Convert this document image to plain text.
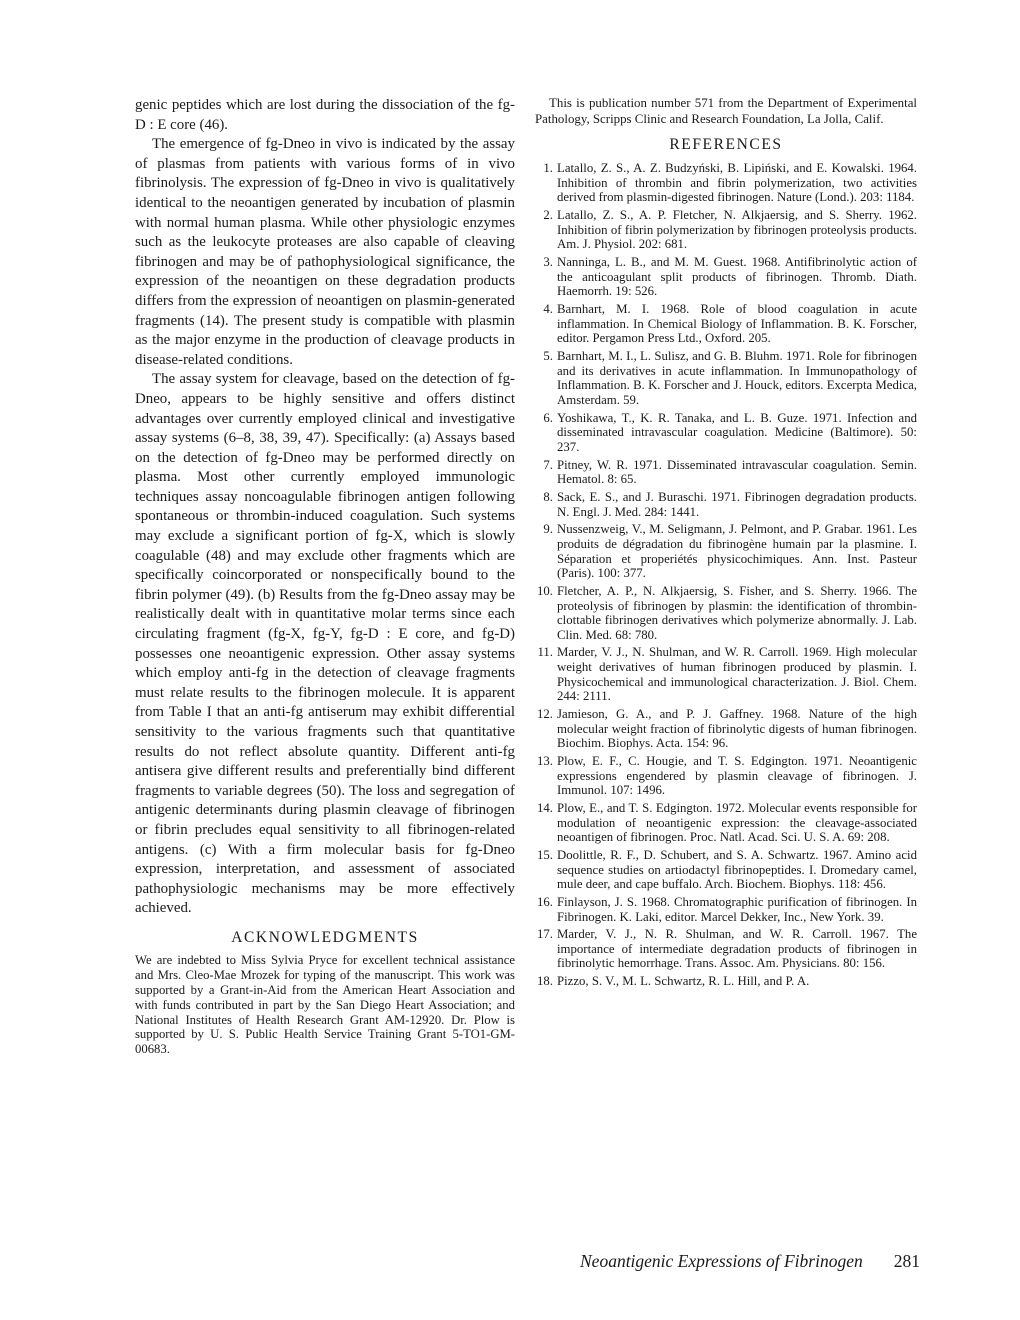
genic peptides which are lost during the dissociation of the fg-D : E core (46).

The emergence of fg-Dneo in vivo is indicated by the assay of plasmas from patients with various forms of in vivo fibrinolysis. The expression of fg-Dneo in vivo is qualitatively identical to the neoantigen generated by incubation of plasmin with normal human plasma. While other physiologic enzymes such as the leukocyte proteases are also capable of cleaving fibrinogen and may be of pathophysiological significance, the expression of the neoantigen on these degradation products differs from the expression of neoantigen on plasmin-generated fragments (14). The present study is compatible with plasmin as the major enzyme in the production of cleavage products in disease-related conditions.

The assay system for cleavage, based on the detection of fg-Dneo, appears to be highly sensitive and offers distinct advantages over currently employed clinical and investigative assay systems (6–8, 38, 39, 47). Specifically: (a) Assays based on the detection of fg-Dneo may be performed directly on plasma. Most other currently employed immunologic techniques assay noncoagulable fibrinogen antigen following spontaneous or thrombin-induced coagulation. Such systems may exclude a significant portion of fg-X, which is slowly coagulable (48) and may exclude other fragments which are specifically coincorporated or nonspecifically bound to the fibrin polymer (49). (b) Results from the fg-Dneo assay may be realistically dealt with in quantitative molar terms since each circulating fragment (fg-X, fg-Y, fg-D : E core, and fg-D) possesses one neoantigenic expression. Other assay systems which employ anti-fg in the detection of cleavage fragments must relate results to the fibrinogen molecule. It is apparent from Table I that an anti-fg antiserum may exhibit differential sensitivity to the various fragments such that quantitative results do not reflect absolute quantity. Different anti-fg antisera give different results and preferentially bind different fragments to variable degrees (50). The loss and segregation of antigenic determinants during plasmin cleavage of fibrinogen or fibrin precludes equal sensitivity to all fibrinogen-related antigens. (c) With a firm molecular basis for fg-Dneo expression, interpretation, and assessment of associated pathophysiologic mechanisms may be more effectively achieved.

ACKNOWLEDGMENTS

We are indebted to Miss Sylvia Pryce for excellent technical assistance and Mrs. Cleo-Mae Mrozek for typing of the manuscript. This work was supported by a Grant-in-Aid from the American Heart Association and with funds contributed in part by the San Diego Heart Association; and National Institutes of Health Research Grant AM-12920. Dr. Plow is supported by U. S. Public Health Service Training Grant 5-TO1-GM-00683.

This is publication number 571 from the Department of Experimental Pathology, Scripps Clinic and Research Foundation, La Jolla, Calif.

REFERENCES
1. Latallo, Z. S., A. Z. Budzyński, B. Lipiński, and E. Kowalski. 1964. Inhibition of thrombin and fibrin polymerization, two activities derived from plasmin-digested fibrinogen. Nature (Lond.). 203: 1184.
2. Latallo, Z. S., A. P. Fletcher, N. Alkjaersig, and S. Sherry. 1962. Inhibition of fibrin polymerization by fibrinogen proteolysis products. Am. J. Physiol. 202: 681.
3. Nanninga, L. B., and M. M. Guest. 1968. Antifibrinolytic action of the anticoagulant split products of fibrinogen. Thromb. Diath. Haemorrh. 19: 526.
4. Barnhart, M. I. 1968. Role of blood coagulation in acute inflammation. In Chemical Biology of Inflammation. B. K. Forscher, editor. Pergamon Press Ltd., Oxford. 205.
5. Barnhart, M. I., L. Sulisz, and G. B. Bluhm. 1971. Role for fibrinogen and its derivatives in acute inflammation. In Immunopathology of Inflammation. B. K. Forscher and J. Houck, editors. Excerpta Medica, Amsterdam. 59.
6. Yoshikawa, T., K. R. Tanaka, and L. B. Guze. 1971. Infection and disseminated intravascular coagulation. Medicine (Baltimore). 50: 237.
7. Pitney, W. R. 1971. Disseminated intravascular coagulation. Semin. Hematol. 8: 65.
8. Sack, E. S., and J. Buraschi. 1971. Fibrinogen degradation products. N. Engl. J. Med. 284: 1441.
9. Nussenzweig, V., M. Seligmann, J. Pelmont, and P. Grabar. 1961. Les produits de dégradation du fibrinogène humain par la plasmine. I. Séparation et properiétés physicochimiques. Ann. Inst. Pasteur (Paris). 100: 377.
10. Fletcher, A. P., N. Alkjaersig, S. Fisher, and S. Sherry. 1966. The proteolysis of fibrinogen by plasmin: the identification of thrombin-clottable fibrinogen derivatives which polymerize abnormally. J. Lab. Clin. Med. 68: 780.
11. Marder, V. J., N. Shulman, and W. R. Carroll. 1969. High molecular weight derivatives of human fibrinogen produced by plasmin. I. Physicochemical and immunological characterization. J. Biol. Chem. 244: 2111.
12. Jamieson, G. A., and P. J. Gaffney. 1968. Nature of the high molecular weight fraction of fibrinolytic digests of human fibrinogen. Biochim. Biophys. Acta. 154: 96.
13. Plow, E. F., C. Hougie, and T. S. Edgington. 1971. Neoantigenic expressions engendered by plasmin cleavage of fibrinogen. J. Immunol. 107: 1496.
14. Plow, E., and T. S. Edgington. 1972. Molecular events responsible for modulation of neoantigenic expression: the cleavage-associated neoantigen of fibrinogen. Proc. Natl. Acad. Sci. U. S. A. 69: 208.
15. Doolittle, R. F., D. Schubert, and S. A. Schwartz. 1967. Amino acid sequence studies on artiodactyl fibrinopeptides. I. Dromedary camel, mule deer, and cape buffalo. Arch. Biochem. Biophys. 118: 456.
16. Finlayson, J. S. 1968. Chromatographic purification of fibrinogen. In Fibrinogen. K. Laki, editor. Marcel Dekker, Inc., New York. 39.
17. Marder, V. J., N. R. Shulman, and W. R. Carroll. 1967. The importance of intermediate degradation products of fibrinogen in fibrinolytic hemorrhage. Trans. Assoc. Am. Physicians. 80: 156.
18. Pizzo, S. V., M. L. Schwartz, R. L. Hill, and P. A.
Neoantigenic Expressions of Fibrinogen 281
